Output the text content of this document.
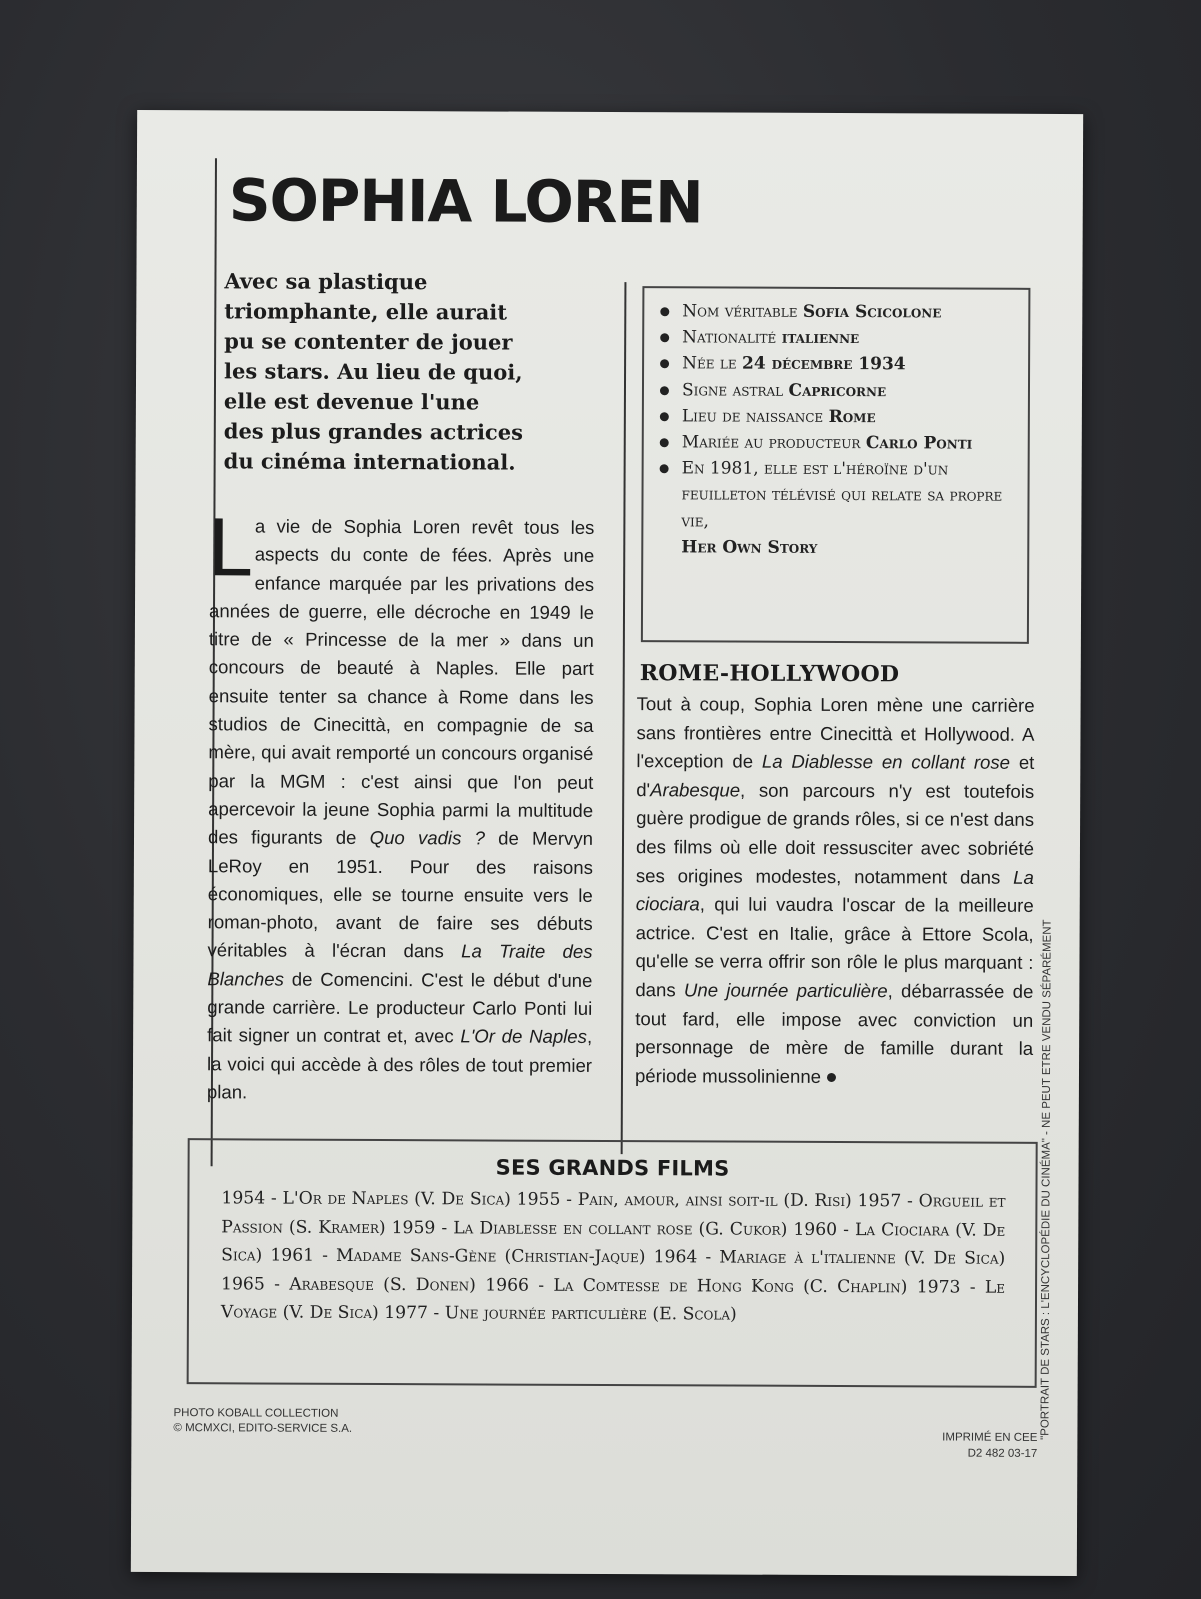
SOPHIA LOREN
Avec sa plastique
triomphante, elle aurait
pu se contenter de jouer
les stars. Au lieu de quoi,
elle est devenue l'une
des plus grandes actrices
du cinéma international.
La vie de Sophia Loren revêt tous les aspects du conte de fées. Après une enfance marquée par les privations des années de guerre, elle décroche en 1949 le titre de « Princesse de la mer » dans un concours de beauté à Naples. Elle part ensuite tenter sa chance à Rome dans les studios de Cinecittà, en compagnie de sa mère, qui avait remporté un concours organisé par la MGM : c'est ainsi que l'on peut apercevoir la jeune Sophia parmi la multitude des figurants de Quo vadis ? de Mervyn LeRoy en 1951. Pour des raisons économiques, elle se tourne ensuite vers le roman-photo, avant de faire ses débuts véritables à l'écran dans La Traite des Blanches de Comencini. C'est le début d'une grande carrière. Le producteur Carlo Ponti lui fait signer un contrat et, avec L'Or de Naples, la voici qui accède à des rôles de tout premier plan.
Nom véritable Sofia Scicolone
Nationalité italienne
Née le 24 décembre 1934
Signe astral Capricorne
Lieu de naissance Rome
Mariée au producteur Carlo Ponti
En 1981, elle est l'héroïne d'un feuilleton télévisé qui relate sa propre vie,
Her Own Story
ROME-HOLLYWOOD
Tout à coup, Sophia Loren mène une carrière sans frontières entre Cinecittà et Hollywood. A l'exception de La Diablesse en collant rose et d'Arabesque, son parcours n'y est toutefois guère prodigue de grands rôles, si ce n'est dans des films où elle doit ressusciter avec sobriété ses origines modestes, notamment dans La ciociara, qui lui vaudra l'oscar de la meilleure actrice. C'est en Italie, grâce à Ettore Scola, qu'elle se verra offrir son rôle le plus marquant : dans Une journée particulière, débarrassée de tout fard, elle impose avec conviction un personnage de mère de famille durant la période mussolinienne
SES GRANDS FILMS
1954 - L'Or de Naples (V. De Sica) 1955 - Pain, amour, ainsi soit-il (D. Risi) 1957 - Orgueil et Passion (S. Kramer) 1959 - La Diablesse en collant rose (G. Cukor) 1960 - La Ciociara (V. De Sica) 1961 - Madame Sans-Gène (Christian-Jaque) 1964 - Mariage à l'italienne (V. De Sica) 1965 - Arabesque (S. Donen) 1966 - La Comtesse de Hong Kong (C. Chaplin) 1973 - Le Voyage (V. De Sica) 1977 - Une journée particulière (E. Scola)
PHOTO KOBALL COLLECTION
© MCMXCI, EDITO-SERVICE S.A.
IMPRIMÉ EN CEE
D2 482 03-17
"PORTRAIT DE STARS : L'ENCYCLOPÉDIE DU CINÉMA" - NE PEUT ETRE VENDU SÉPARÉMENT
